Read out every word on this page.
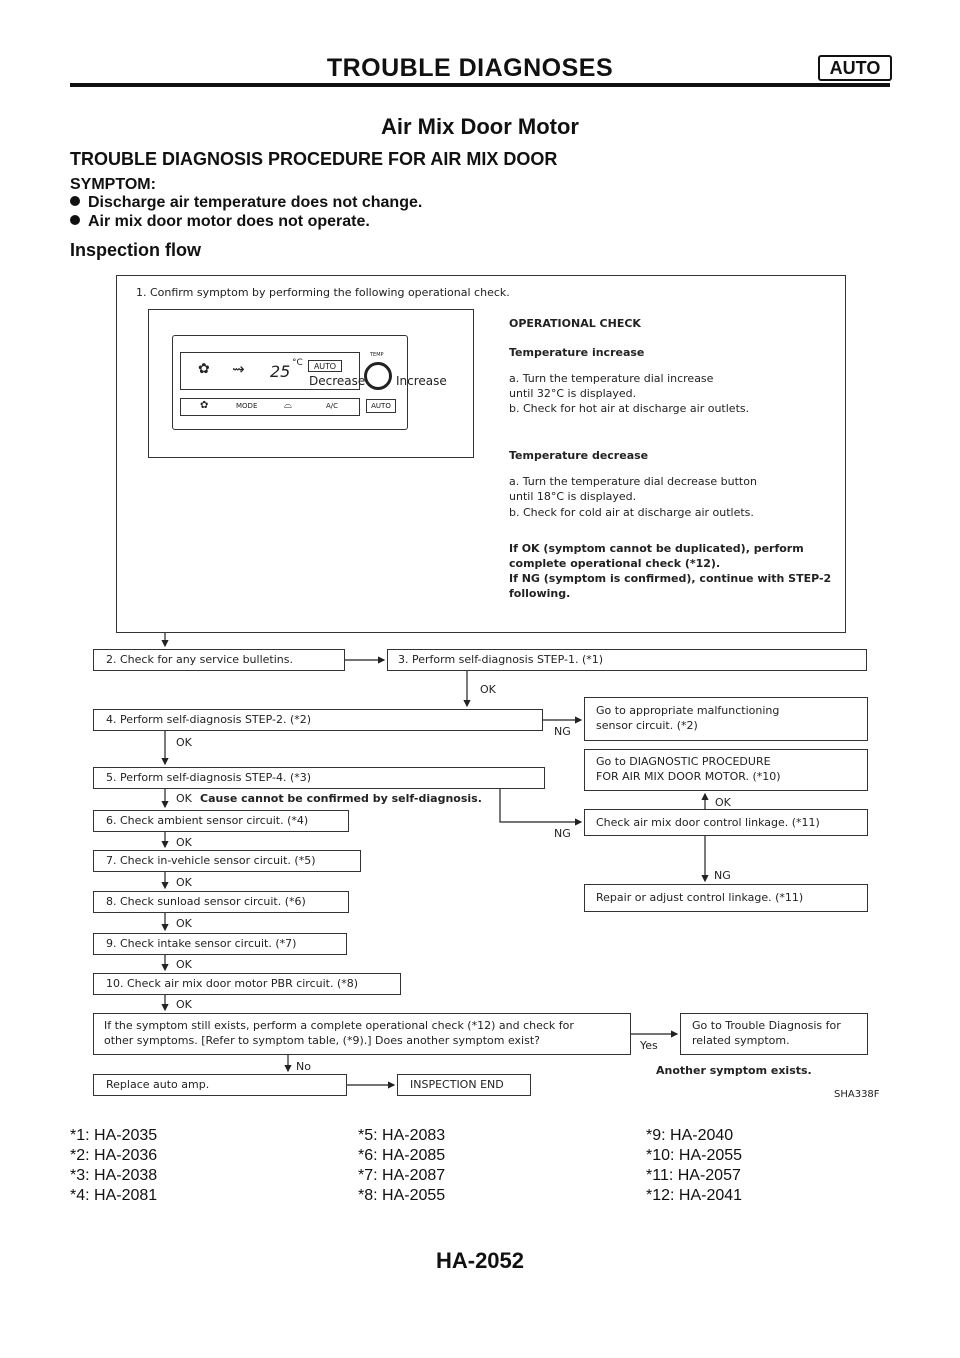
TROUBLE DIAGNOSES	AUTO
Air Mix Door Motor
TROUBLE DIAGNOSIS PROCEDURE FOR AIR MIX DOOR
SYMPTOM:
Discharge air temperature does not change.
Air mix door motor does not operate.
Inspection flow
1. Confirm symptom by performing the following operational check.
✿ ⇝ 25 °C	AUTO
TEMP
Decrease	Increase
✿	MODE	⌓	A/C	AUTO
OPERATIONAL CHECK
Temperature increase
a. Turn the temperature dial increase
until 32°C is displayed.
b. Check for hot air at discharge air outlets.
Temperature decrease
a. Turn the temperature dial decrease button
until 18°C is displayed.
b. Check for cold air at discharge air outlets.
If OK (symptom cannot be duplicated), perform
complete operational check (*12).
If NG (symptom is confirmed), continue with STEP-2
following.
2. Check for any service bulletins.	3. Perform self-diagnosis STEP-1. (*1)
OK
4. Perform self-diagnosis STEP-2. (*2)
Go to appropriate malfunctioning
sensor circuit. (*2)
NG
OK
Go to DIAGNOSTIC PROCEDURE
FOR AIR MIX DOOR MOTOR. (*10)
5. Perform self-diagnosis STEP-4. (*3)
OK Cause cannot be confirmed by self-diagnosis.	OK
6. Check ambient sensor circuit. (*4)	Check air mix door control linkage. (*11)
NG
OK
7. Check in-vehicle sensor circuit. (*5)
NG
OK
8. Check sunload sensor circuit. (*6)	Repair or adjust control linkage. (*11)
OK
9. Check intake sensor circuit. (*7)
OK
10. Check air mix door motor PBR circuit. (*8)
OK
If the symptom still exists, perform a complete operational check (*12) and check for
other symptoms. [Refer to symptom table, (*9).] Does another symptom exist?
Go to Trouble Diagnosis for
related symptom.
Yes
No	Another symptom exists.
Replace auto amp.	INSPECTION END
SHA338F
*1: HA-2035
*2: HA-2036
*3: HA-2038
*4: HA-2081
*5: HA-2083
*6: HA-2085
*7: HA-2087
*8: HA-2055
*9: HA-2040
*10: HA-2055
*11: HA-2057
*12: HA-2041
HA-2052
